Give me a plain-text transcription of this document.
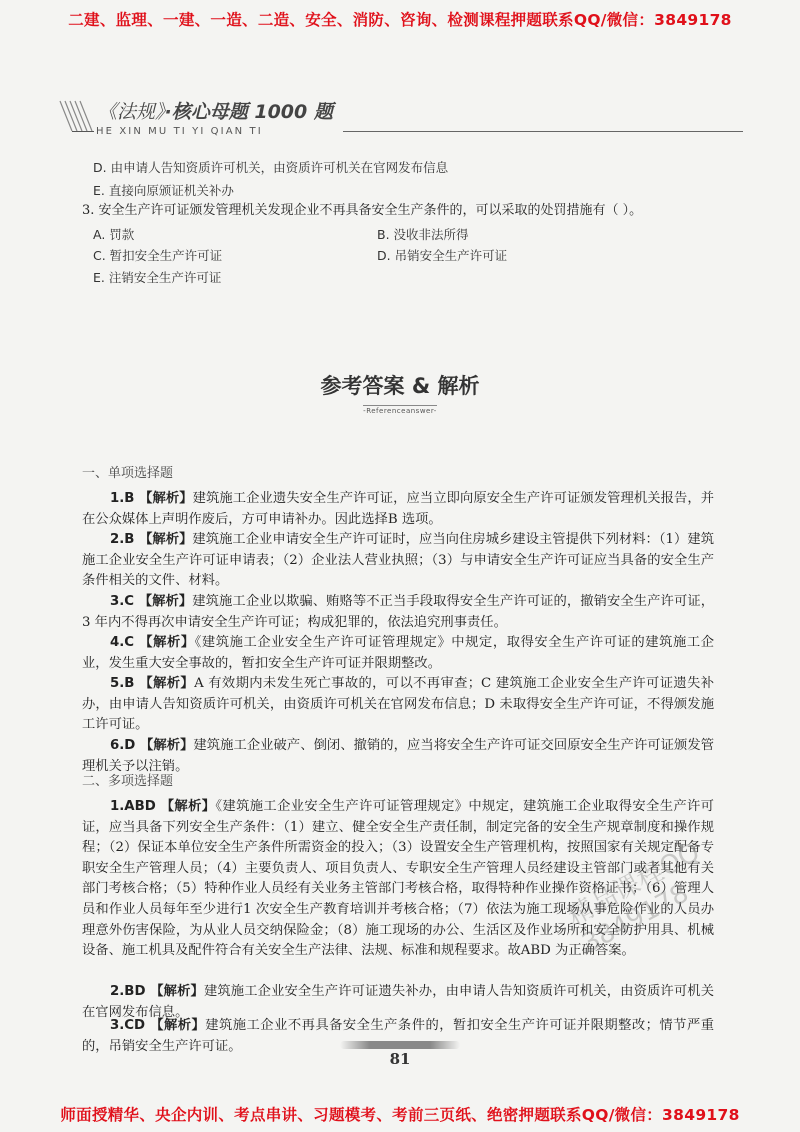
二建、监理、一建、一造、二造、安全、消防、咨询、检测课程押题联系QQ/微信：3849178
《法规》·核心母题 1000 题
HE XIN MU TI YI QIAN TI
D. 由申请人告知资质许可机关，由资质许可机关在官网发布信息
E. 直接向原颁证机关补办
3. 安全生产许可证颁发管理机关发现企业不再具备安全生产条件的，可以采取的处罚措施有（ ）。
A. 罚款	B. 没收非法所得
C. 暂扣安全生产许可证	D. 吊销安全生产许可证
E. 注销安全生产许可证
参考答案 & 解析
-Referenceanswer-
一、单项选择题
1.B 【解析】建筑施工企业遗失安全生产许可证，应当立即向原安全生产许可证颁发管理机关报告，并在公众媒体上声明作废后，方可申请补办。因此选择B 选项。
2.B 【解析】建筑施工企业申请安全生产许可证时，应当向住房城乡建设主管提供下列材料：（1）建筑施工企业安全生产许可证申请表；（2）企业法人营业执照；（3）与申请安全生产许可证应当具备的安全生产条件相关的文件、材料。
3.C 【解析】建筑施工企业以欺骗、贿赂等不正当手段取得安全生产许可证的，撤销安全生产许可证，3 年内不得再次申请安全生产许可证；构成犯罪的，依法追究刑事责任。
4.C 【解析】《建筑施工企业安全生产许可证管理规定》中规定，取得安全生产许可证的建筑施工企业，发生重大安全事故的，暂扣安全生产许可证并限期整改。
5.B 【解析】A 有效期内未发生死亡事故的，可以不再审查；C 建筑施工企业安全生产许可证遗失补办，由申请人告知资质许可机关，由资质许可机关在官网发布信息；D 未取得安全生产许可证，不得颁发施工许可证。
6.D 【解析】建筑施工企业破产、倒闭、撤销的，应当将安全生产许可证交回原安全生产许可证颁发管理机关予以注销。
二、多项选择题
1.ABD 【解析】《建筑施工企业安全生产许可证管理规定》中规定，建筑施工企业取得安全生产许可证，应当具备下列安全生产条件：（1）建立、健全安全生产责任制，制定完备的安全生产规章制度和操作规程；（2）保证本单位安全生产条件所需资金的投入；（3）设置安全生产管理机构，按照国家有关规定配备专职安全生产管理人员；（4）主要负责人、项目负责人、专职安全生产管理人员经建设主管部门或者其他有关部门考核合格；（5）特种作业人员经有关业务主管部门考核合格，取得特种作业操作资格证书；（6）管理人员和作业人员每年至少进行1 次安全生产教育培训并考核合格；（7）依法为施工现场从事危险作业的人员办理意外伤害保险，为从业人员交纳保险金；（8）施工现场的办公、生活区及作业场所和安全防护用具、机械设备、施工机具及配件符合有关安全生产法律、法规、标准和规程要求。故ABD 为正确答案。
2.BD 【解析】建筑施工企业安全生产许可证遗失补办，由申请人告知资质许可机关，由资质许可机关在官网发布信息。
3.CD 【解析】建筑施工企业不再具备安全生产条件的，暂扣安全生产许可证并限期整改；情节严重的，吊销安全生产许可证。
81
精品课程QQ 3849178
师面授精华、央企内训、考点串讲、习题模考、考前三页纸、绝密押题联系QQ/微信：3849178
